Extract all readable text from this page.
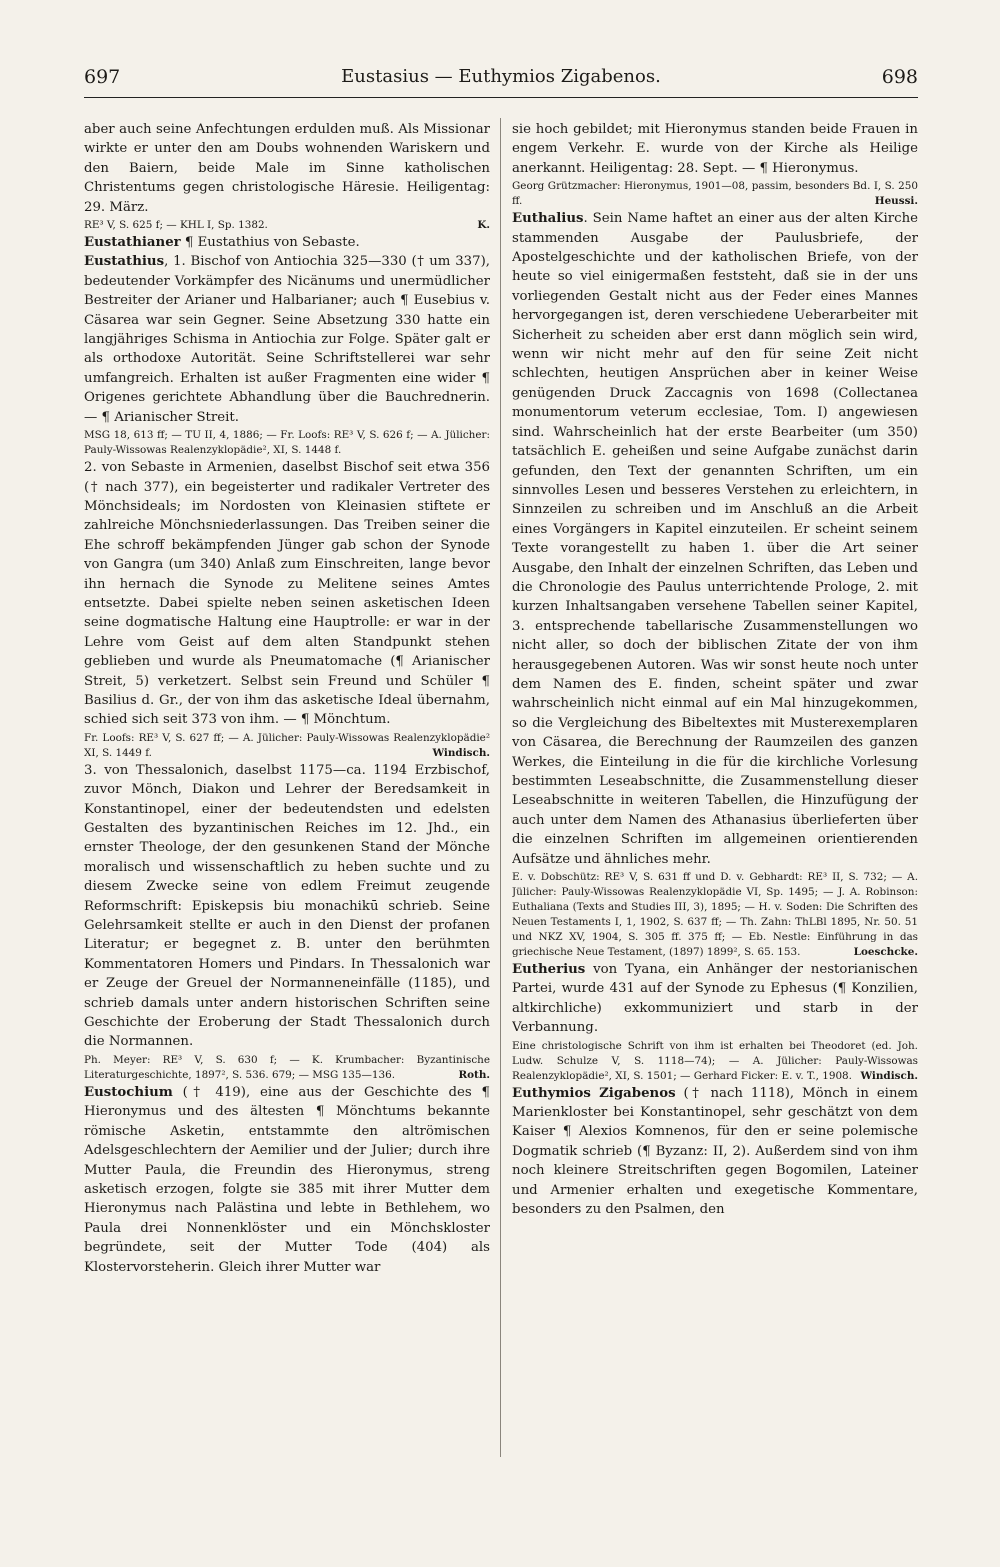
697	Eustasius — Euthymios Zigabenos.	698

aber auch seine Anfechtungen erdulden muß. Als Missionar wirkte er unter den am Doubs wohnenden Wariskern und den Baiern, beide Male im Sinne katholischen Christentums gegen christologische Häresie. Heiligentag: 29. März.

RE³ V, S. 625 f; — KHL I, Sp. 1382.	K.

Eustathianer ¶ Eustathius von Sebaste.

Eustathius, 1. Bischof von Antiochia 325—330 († um 337), bedeutender Vorkämpfer des Nicänums und unermüdlicher Bestreiter der Arianer und Halbarianer; auch ¶ Eusebius v. Cäsarea war sein Gegner. Seine Absetzung 330 hatte ein langjähriges Schisma in Antiochia zur Folge. Später galt er als orthodoxe Autorität. Seine Schriftstellerei war sehr umfangreich. Erhalten ist außer Fragmenten eine wider ¶ Origenes gerichtete Abhandlung über die Bauchrednerin. — ¶ Arianischer Streit.

MSG 18, 613 ff; — TU II, 4, 1886; — Fr. Loofs: RE³ V, S. 626 f; — A. Jülicher: Pauly-Wissowas Realenzyklopädie², XI, S. 1448 f.

2. von Sebaste in Armenien, daselbst Bischof seit etwa 356 († nach 377), ein begeisterter und radikaler Vertreter des Mönchsideals; im Nordosten von Kleinasien stiftete er zahlreiche Mönchsniederlassungen. Das Treiben seiner die Ehe schroff bekämpfenden Jünger gab schon der Synode von Gangra (um 340) Anlaß zum Einschreiten, lange bevor ihn hernach die Synode zu Melitene seines Amtes entsetzte. Dabei spielte neben seinen asketischen Ideen seine dogmatische Haltung eine Hauptrolle: er war in der Lehre vom Geist auf dem alten Standpunkt stehen geblieben und wurde als Pneumatomache (¶ Arianischer Streit, 5) verketzert. Selbst sein Freund und Schüler ¶ Basilius d. Gr., der von ihm das asketische Ideal übernahm, schied sich seit 373 von ihm. — ¶ Mönchtum.

Fr. Loofs: RE³ V, S. 627 ff; — A. Jülicher: Pauly-Wissowas Realenzyklopädie² XI, S. 1449 f.	Windisch.

3. von Thessalonich, daselbst 1175—ca. 1194 Erzbischof, zuvor Mönch, Diakon und Lehrer der Beredsamkeit in Konstantinopel, einer der bedeutendsten und edelsten Gestalten des byzantinischen Reiches im 12. Jhd., ein ernster Theologe, der den gesunkenen Stand der Mönche moralisch und wissenschaftlich zu heben suchte und zu diesem Zwecke seine von edlem Freimut zeugende Reformschrift: Episkepsis biu monachikū schrieb. Seine Gelehrsamkeit stellte er auch in den Dienst der profanen Literatur; er begegnet z. B. unter den berühmten Kommentatoren Homers und Pindars. In Thessalonich war er Zeuge der Greuel der Normanneneinfälle (1185), und schrieb damals unter andern historischen Schriften seine Geschichte der Eroberung der Stadt Thessalonich durch die Normannen.

Ph. Meyer: RE³ V, S. 630 f; — K. Krumbacher: Byzantinische Literaturgeschichte, 1897², S. 536. 679; — MSG 135—136.	Roth.

Eustochium († 419), eine aus der Geschichte des ¶ Hieronymus und des ältesten ¶ Mönchtums bekannte römische Asketin, entstammte den altrömischen Adelsgeschlechtern der Aemilier und der Julier; durch ihre Mutter Paula, die Freundin des Hieronymus, streng asketisch erzogen, folgte sie 385 mit ihrer Mutter dem Hieronymus nach Palästina und lebte in Bethlehem, wo Paula drei Nonnenklöster und ein Mönchskloster begründete, seit der Mutter Tode (404) als Klostervorsteherin. Gleich ihrer Mutter war

sie hoch gebildet; mit Hieronymus standen beide Frauen in engem Verkehr. E. wurde von der Kirche als Heilige anerkannt. Heiligentag: 28. Sept. — ¶ Hieronymus.

Georg Grützmacher: Hieronymus, 1901—08, passim, besonders Bd. I, S. 250 ff.	Heussi.

Euthalius. Sein Name haftet an einer aus der alten Kirche stammenden Ausgabe der Paulusbriefe, der Apostelgeschichte und der katholischen Briefe, von der heute so viel einigermaßen feststeht, daß sie in der uns vorliegenden Gestalt nicht aus der Feder eines Mannes hervorgegangen ist, deren verschiedene Ueberarbeiter mit Sicherheit zu scheiden aber erst dann möglich sein wird, wenn wir nicht mehr auf den für seine Zeit nicht schlechten, heutigen Ansprüchen aber in keiner Weise genügenden Druck Zaccagnis von 1698 (Collectanea monumentorum veterum ecclesiae, Tom. I) angewiesen sind. Wahrscheinlich hat der erste Bearbeiter (um 350) tatsächlich E. geheißen und seine Aufgabe zunächst darin gefunden, den Text der genannten Schriften, um ein sinnvolles Lesen und besseres Verstehen zu erleichtern, in Sinnzeilen zu schreiben und im Anschluß an die Arbeit eines Vorgängers in Kapitel einzuteilen. Er scheint seinem Texte vorangestellt zu haben 1. über die Art seiner Ausgabe, den Inhalt der einzelnen Schriften, das Leben und die Chronologie des Paulus unterrichtende Prologe, 2. mit kurzen Inhaltsangaben versehene Tabellen seiner Kapitel, 3. entsprechende tabellarische Zusammenstellungen wo nicht aller, so doch der biblischen Zitate der von ihm herausgegebenen Autoren. Was wir sonst heute noch unter dem Namen des E. finden, scheint später und zwar wahrscheinlich nicht einmal auf ein Mal hinzugekommen, so die Vergleichung des Bibeltextes mit Musterexemplaren von Cäsarea, die Berechnung der Raumzeilen des ganzen Werkes, die Einteilung in die für die kirchliche Vorlesung bestimmten Leseabschnitte, die Zusammenstellung dieser Leseabschnitte in weiteren Tabellen, die Hinzufügung der auch unter dem Namen des Athanasius überlieferten über die einzelnen Schriften im allgemeinen orientierenden Aufsätze und ähnliches mehr.

E. v. Dobschütz: RE³ V, S. 631 ff und D. v. Gebhardt: RE³ II, S. 732; — A. Jülicher: Pauly-Wissowas Realenzyklopädie VI, Sp. 1495; — J. A. Robinson: Euthaliana (Texts and Studies III, 3), 1895; — H. v. Soden: Die Schriften des Neuen Testaments I, 1, 1902, S. 637 ff; — Th. Zahn: ThLBl 1895, Nr. 50. 51 und NKZ XV, 1904, S. 305 ff. 375 ff; — Eb. Nestle: Einführung in das griechische Neue Testament, (1897) 1899², S. 65. 153.	Loeschcke.

Eutherius von Tyana, ein Anhänger der nestorianischen Partei, wurde 431 auf der Synode zu Ephesus (¶ Konzilien, altkirchliche) exkommuniziert und starb in der Verbannung.

Eine christologische Schrift von ihm ist erhalten bei Theodoret (ed. Joh. Ludw. Schulze V, S. 1118—74); — A. Jülicher: Pauly-Wissowas Realenzyklopädie², XI, S. 1501; — Gerhard Ficker: E. v. T., 1908. Windisch.

Euthymios Zigabenos († nach 1118), Mönch in einem Marienkloster bei Konstantinopel, sehr geschätzt von dem Kaiser ¶ Alexios Komnenos, für den er seine polemische Dogmatik schrieb (¶ Byzanz: II, 2). Außerdem sind von ihm noch kleinere Streitschriften gegen Bogomilen, Lateiner und Armenier erhalten und exegetische Kommentare, besonders zu den Psalmen, den
